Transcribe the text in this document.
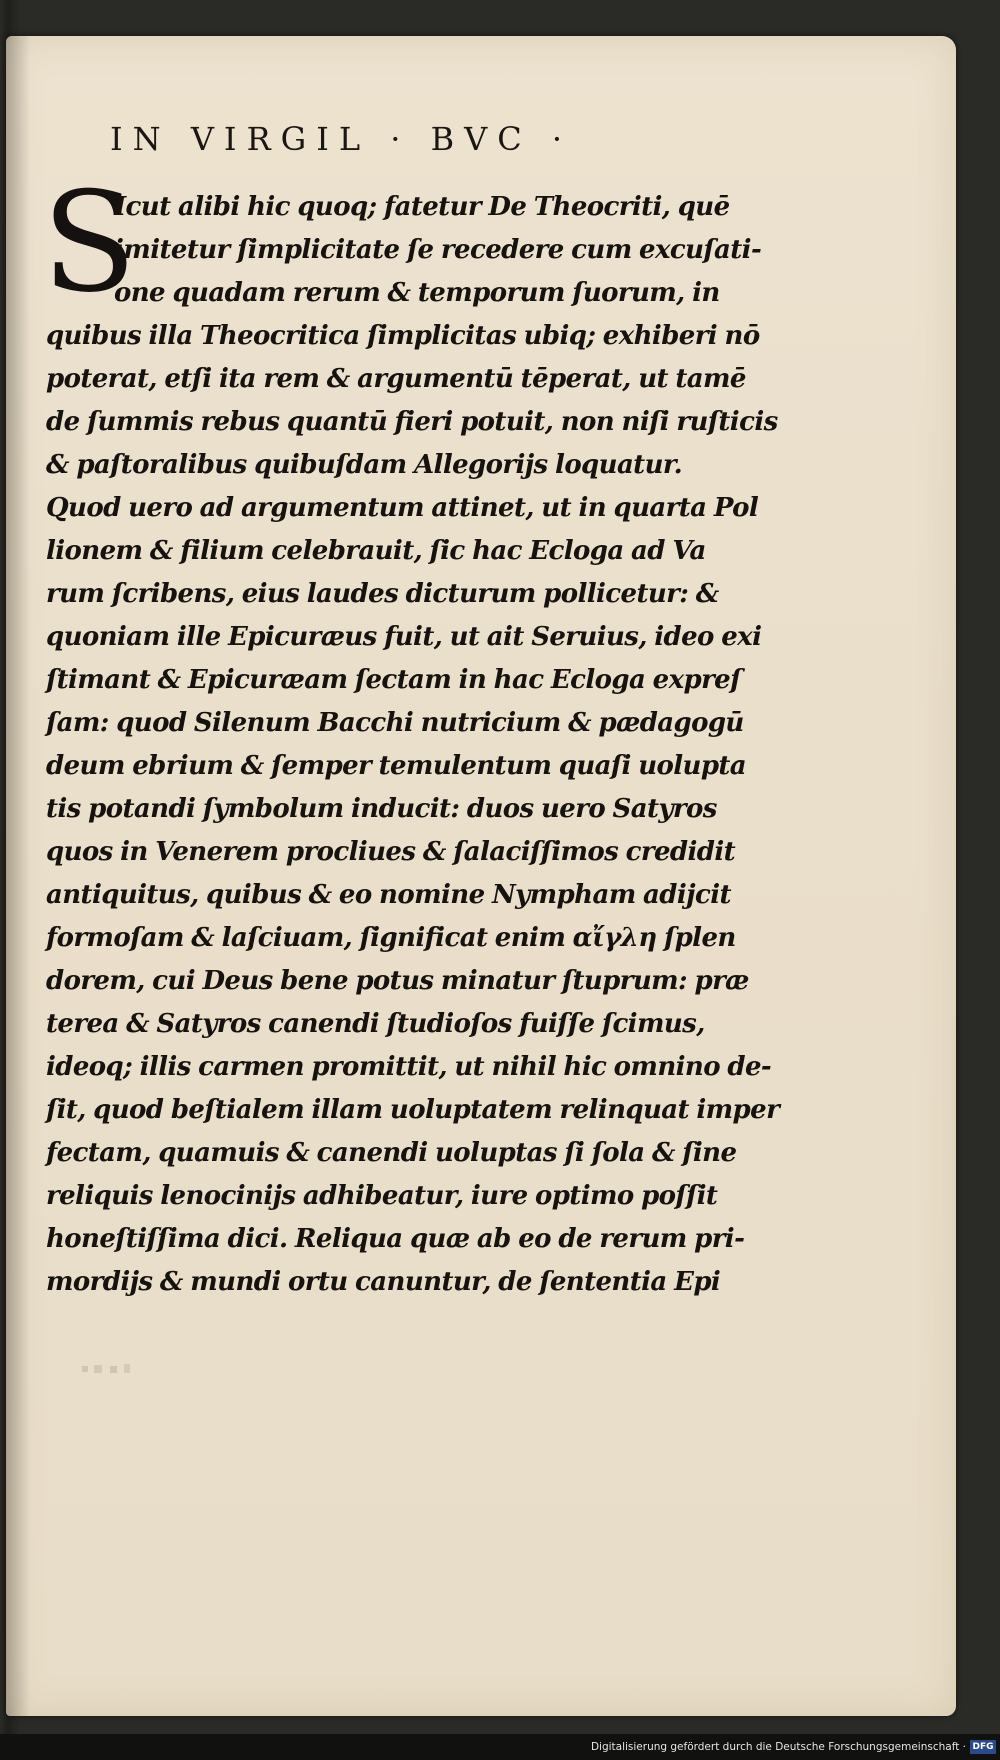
IN VIRGIL · BVC ·
S
Icut alibi hic quoq; fatetur De Theocriti, quē
imitetur ſimplicitate ſe recedere cum excuſati-
one quadam rerum & temporum ſuorum, in
quibus illa Theocritica ſimplicitas ubiq; exhiberi nō
poterat, etſi ita rem & argumentū tēperat, ut tamē
de ſummis rebus quantū fieri potuit, non niſi ruſticis
& paſtoralibus quibuſdam Allegorijs loquatur.
Quod uero ad argumentum attinet, ut in quarta Pol
lionem & filium celebrauit, ſic hac Ecloga ad Va
rum ſcribens, eius laudes dicturum pollicetur: &
quoniam ille Epicuræus fuit, ut ait Seruius, ideo exi
ſtimant & Epicuræam ſectam in hac Ecloga expreſ
ſam: quod Silenum Bacchi nutricium & pædagogū
deum ebrium & ſemper temulentum quaſi uolupta
tis potandi ſymbolum inducit: duos uero Satyros
quos in Venerem procliues & ſalaciſſimos credidit
antiquitus, quibus & eo nomine Nympham adijcit
formoſam & laſciuam, ſignificat enim αἴγλη ſplen
dorem, cui Deus bene potus minatur ſtuprum: præ
terea & Satyros canendi ſtudioſos fuiſſe ſcimus,
ideoq; illis carmen promittit, ut nihil hic omnino de-
ſit, quod beſtialem illam uoluptatem relinquat imper
fectam, quamuis & canendi uoluptas ſi ſola & ſine
reliquis lenocinijs adhibeatur, iure optimo poſſit
honeſtiſſima dici. Reliqua quæ ab eo de rerum pri-
mordijs & mundi ortu canuntur, de ſententia Epi
Digitalisierung gefördert durch die Deutsche Forschungsgemeinschaft · DFG
